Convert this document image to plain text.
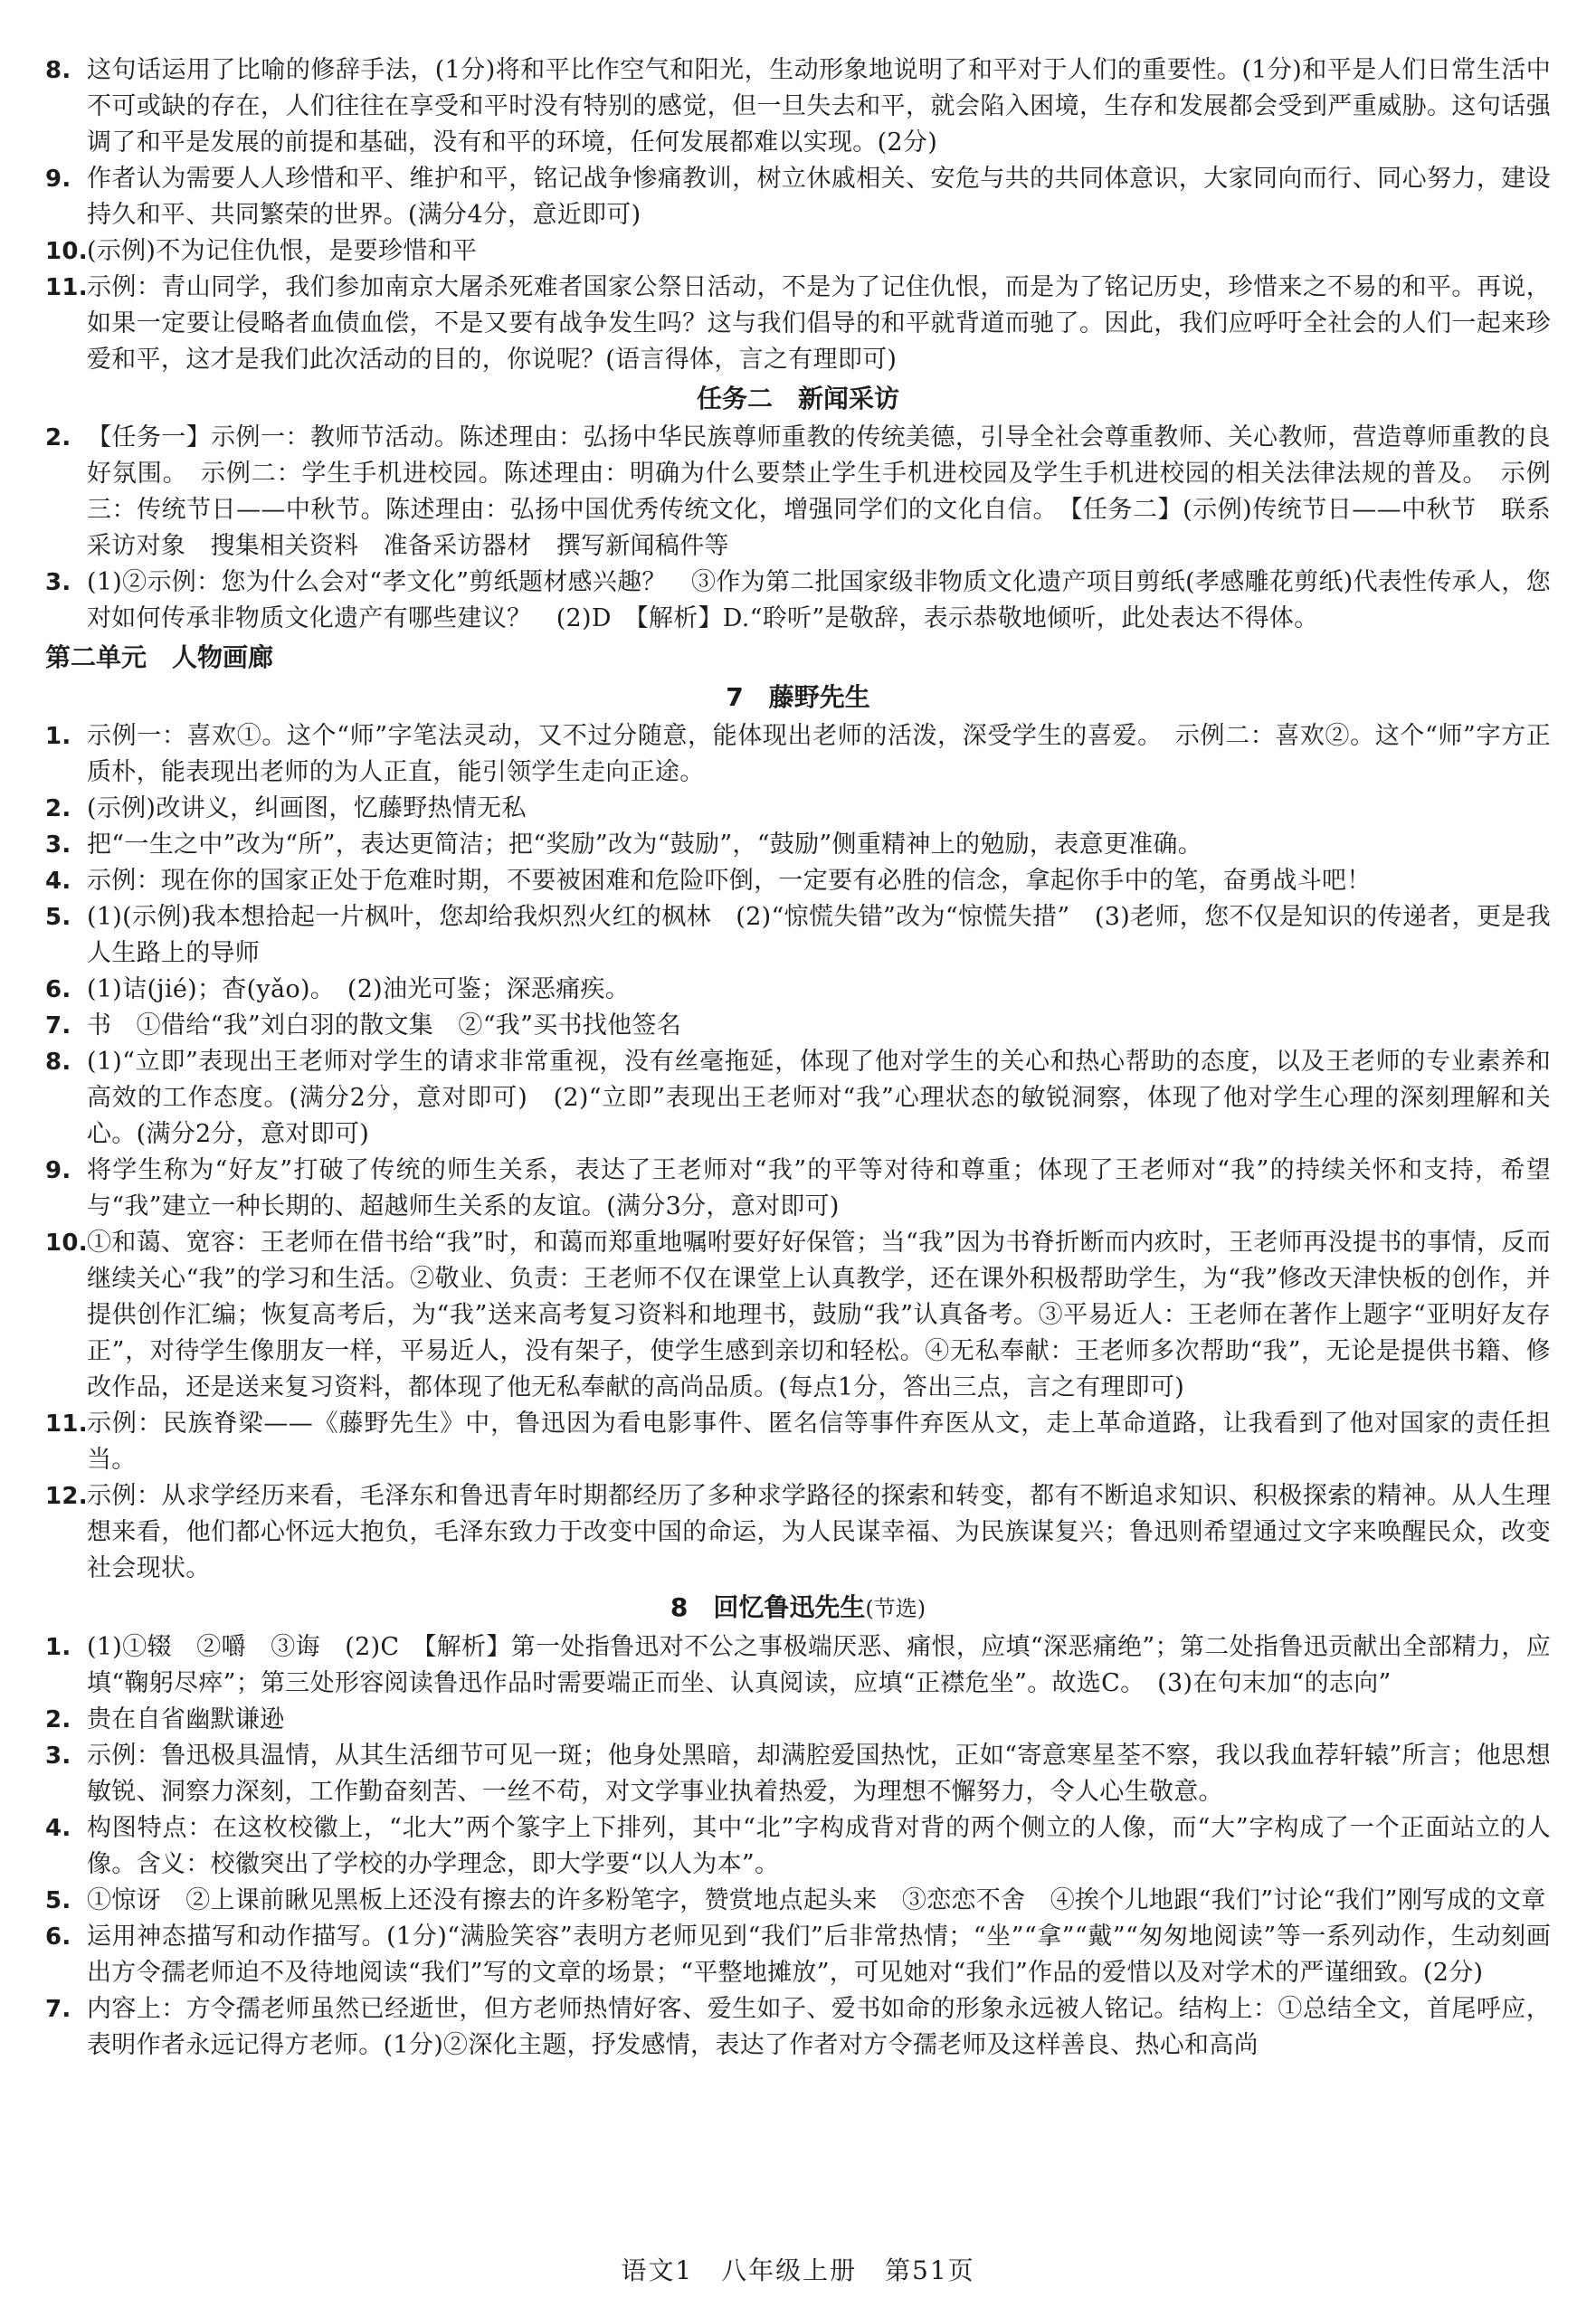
8. 这句话运用了比喻的修辞手法，(1分)将和平比作空气和阳光，生动形象地说明了和平对于人们的重要性。(1分)和平是人们日常生活中不可或缺的存在，人们往往在享受和平时没有特别的感觉，但一旦失去和平，就会陷入困境，生存和发展都会受到严重威胁。这句话强调了和平是发展的前提和基础，没有和平的环境，任何发展都难以实现。(2分)
9. 作者认为需要人人珍惜和平、维护和平，铭记战争惨痛教训，树立休戚相关、安危与共的共同体意识，大家同向而行、同心努力，建设持久和平、共同繁荣的世界。(满分4分，意近即可)
10. (示例)不为记住仇恨，是要珍惜和平
11. 示例：青山同学，我们参加南京大屠杀死难者国家公祭日活动，不是为了记住仇恨，而是为了铭记历史，珍惜来之不易的和平。再说，如果一定要让侵略者血债血偿，不是又要有战争发生吗？这与我们倡导的和平就背道而驰了。因此，我们应呼吁全社会的人们一起来珍爱和平，这才是我们此次活动的目的，你说呢？(语言得体，言之有理即可)
任务二　新闻采访
2. 【任务一】示例一：教师节活动。陈述理由：弘扬中华民族尊师重教的传统美德，引导全社会尊重教师、关心教师，营造尊师重教的良好氛围。　示例二：学生手机进校园。陈述理由：明确为什么要禁止学生手机进校园及学生手机进校园的相关法律法规的普及。　示例三：传统节日——中秋节。陈述理由：弘扬中国优秀传统文化，增强同学们的文化自信。　【任务二】(示例)传统节日——中秋节　联系采访对象　搜集相关资料　准备采访器材　撰写新闻稿件等
3. (1)②示例：您为什么会对“孝文化”剪纸题材感兴趣？　③作为第二批国家级非物质文化遗产项目剪纸(孝感雕花剪纸)代表性传承人，您对如何传承非物质文化遗产有哪些建议？　(2)D　【解析】D.“聆听”是敬辞，表示恭敬地倾听，此处表达不得体。
第二单元　人物画廊
7　藤野先生
1. 示例一：喜欢①。这个“师”字笔法灵动，又不过分随意，能体现出老师的活泼，深受学生的喜爱。　示例二：喜欢②。这个“师”字方正质朴，能表现出老师的为人正直，能引领学生走向正途。
2. (示例)改讲义，纠画图，忆藤野热情无私
3. 把“一生之中”改为“所”，表达更简洁；把“奖励”改为“鼓励”，“鼓励”侧重精神上的勉励，表意更准确。
4. 示例：现在你的国家正处于危难时期，不要被困难和危险吓倒，一定要有必胜的信念，拿起你手中的笔，奋勇战斗吧！
5. (1)(示例)我本想拾起一片枫叶，您却给我炽烈火红的枫林　(2)“惊慌失错”改为“惊慌失措”　(3)老师，您不仅是知识的传递者，更是我人生路上的导师
6. (1)诘(jié)；杳(yǎo)。　(2)油光可鉴；深恶痛疾。
7. 书　①借给“我”刘白羽的散文集　②“我”买书找他签名
8. (1)“立即”表现出王老师对学生的请求非常重视，没有丝毫拖延，体现了他对学生的关心和热心帮助的态度，以及王老师的专业素养和高效的工作态度。(满分2分，意对即可)　(2)“立即”表现出王老师对“我”心理状态的敏锐洞察，体现了他对学生心理的深刻理解和关心。(满分2分，意对即可)
9. 将学生称为“好友”打破了传统的师生关系，表达了王老师对“我”的平等对待和尊重；体现了王老师对“我”的持续关怀和支持，希望与“我”建立一种长期的、超越师生关系的友谊。(满分3分，意对即可)
10. ①和蔼、宽容：王老师在借书给“我”时，和蔼而郑重地嘱咐要好好保管；当“我”因为书脊折断而内疚时，王老师再没提书的事情，反而继续关心“我”的学习和生活。②敬业、负责：王老师不仅在课堂上认真教学，还在课外积极帮助学生，为“我”修改天津快板的创作，并提供创作汇编；恢复高考后，为“我”送来高考复习资料和地理书，鼓励“我”认真备考。③平易近人：王老师在著作上题字“亚明好友存正”，对待学生像朋友一样，平易近人，没有架子，使学生感到亲切和轻松。④无私奉献：王老师多次帮助“我”，无论是提供书籍、修改作品，还是送来复习资料，都体现了他无私奉献的高尚品质。(每点1分，答出三点，言之有理即可)
11. 示例：民族脊梁——《藤野先生》中，鲁迅因为看电影事件、匿名信等事件弃医从文，走上革命道路，让我看到了他对国家的责任担当。
12. 示例：从求学经历来看，毛泽东和鲁迅青年时期都经历了多种求学路径的探索和转变，都有不断追求知识、积极探索的精神。从人生理想来看，他们都心怀远大抱负，毛泽东致力于改变中国的命运，为人民谋幸福、为民族谋复兴；鲁迅则希望通过文字来唤醒民众，改变社会现状。
8　回忆鲁迅先生(节选)
1. (1)①辍　②嚼　③诲　(2)C　【解析】第一处指鲁迅对不公之事极端厌恶、痛恨，应填“深恶痛绝”；第二处指鲁迅贡献出全部精力，应填“鞠躬尽瘁”；第三处形容阅读鲁迅作品时需要端正而坐、认真阅读，应填“正襟危坐”。故选C。　(3)在句末加“的志向”
2. 贵在自省幽默谦逊
3. 示例：鲁迅极具温情，从其生活细节可见一斑；他身处黑暗，却满腔爱国热忱，正如“寄意寒星荃不察，我以我血荐轩辕”所言；他思想敏锐、洞察力深刻，工作勤奋刻苦、一丝不苟，对文学事业执着热爱，为理想不懈努力，令人心生敬意。
4. 构图特点：在这枚校徽上，“北大”两个篆字上下排列，其中“北”字构成背对背的两个侧立的人像，而“大”字构成了一个正面站立的人像。含义：校徽突出了学校的办学理念，即大学要“以人为本”。
5. ①惊讶　②上课前瞅见黑板上还没有擦去的许多粉笔字，赞赏地点起头来　③恋恋不舍　④挨个儿地跟“我们”讨论“我们”刚写成的文章
6. 运用神态描写和动作描写。(1分)“满脸笑容”表明方老师见到“我们”后非常热情；“坐”“拿”“戴”“匆匆地阅读”等一系列动作，生动刻画出方令孺老师迫不及待地阅读“我们”写的文章的场景；“平整地摊放”，可见她对“我们”作品的爱惜以及对学术的严谨细致。(2分)
7. 内容上：方令孺老师虽然已经逝世，但方老师热情好客、爱生如子、爱书如命的形象永远被人铭记。结构上：①总结全文，首尾呼应，表明作者永远记得方老师。(1分)②深化主题，抒发感情，表达了作者对方令孺老师及这样善良、热心和高尚
语文1 八年级上册 第51页
